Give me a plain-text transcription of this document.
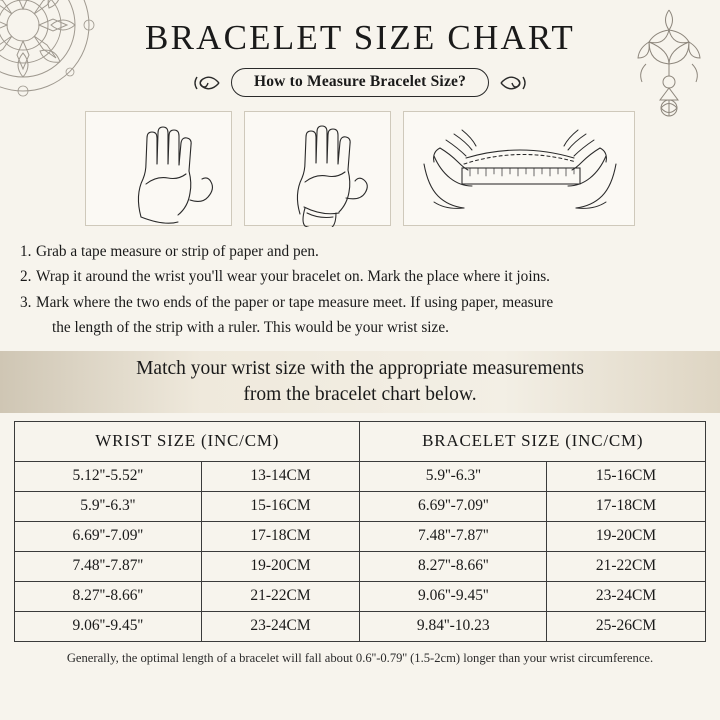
BRACELET SIZE CHART
How to Measure Bracelet Size?
1. Grab a tape measure or strip of paper and pen.
2. Wrap it around the wrist you'll wear your bracelet on. Mark the place where it joins.
3. Mark where the two ends of the paper or tape measure meet. If using paper, measure
the length of the strip with a ruler. This would be your wrist size.
Match your wrist size with the appropriate measurements
from the bracelet chart below.
WRIST SIZE (INC/CM)		BRACELET SIZE (INC/CM)	
5.12''-5.52''	13-14CM	5.9''-6.3''	15-16CM
5.9''-6.3''	15-16CM	6.69''-7.09''	17-18CM
6.69''-7.09''	17-18CM	7.48''-7.87''	19-20CM
7.48''-7.87''	19-20CM	8.27''-8.66''	21-22CM
8.27''-8.66''	21-22CM	9.06''-9.45''	23-24CM
9.06''-9.45''	23-24CM	9.84''-10.23	25-26CM
Generally, the optimal length of a bracelet will fall about 0.6''-0.79'' (1.5-2cm) longer than your wrist circumference.
